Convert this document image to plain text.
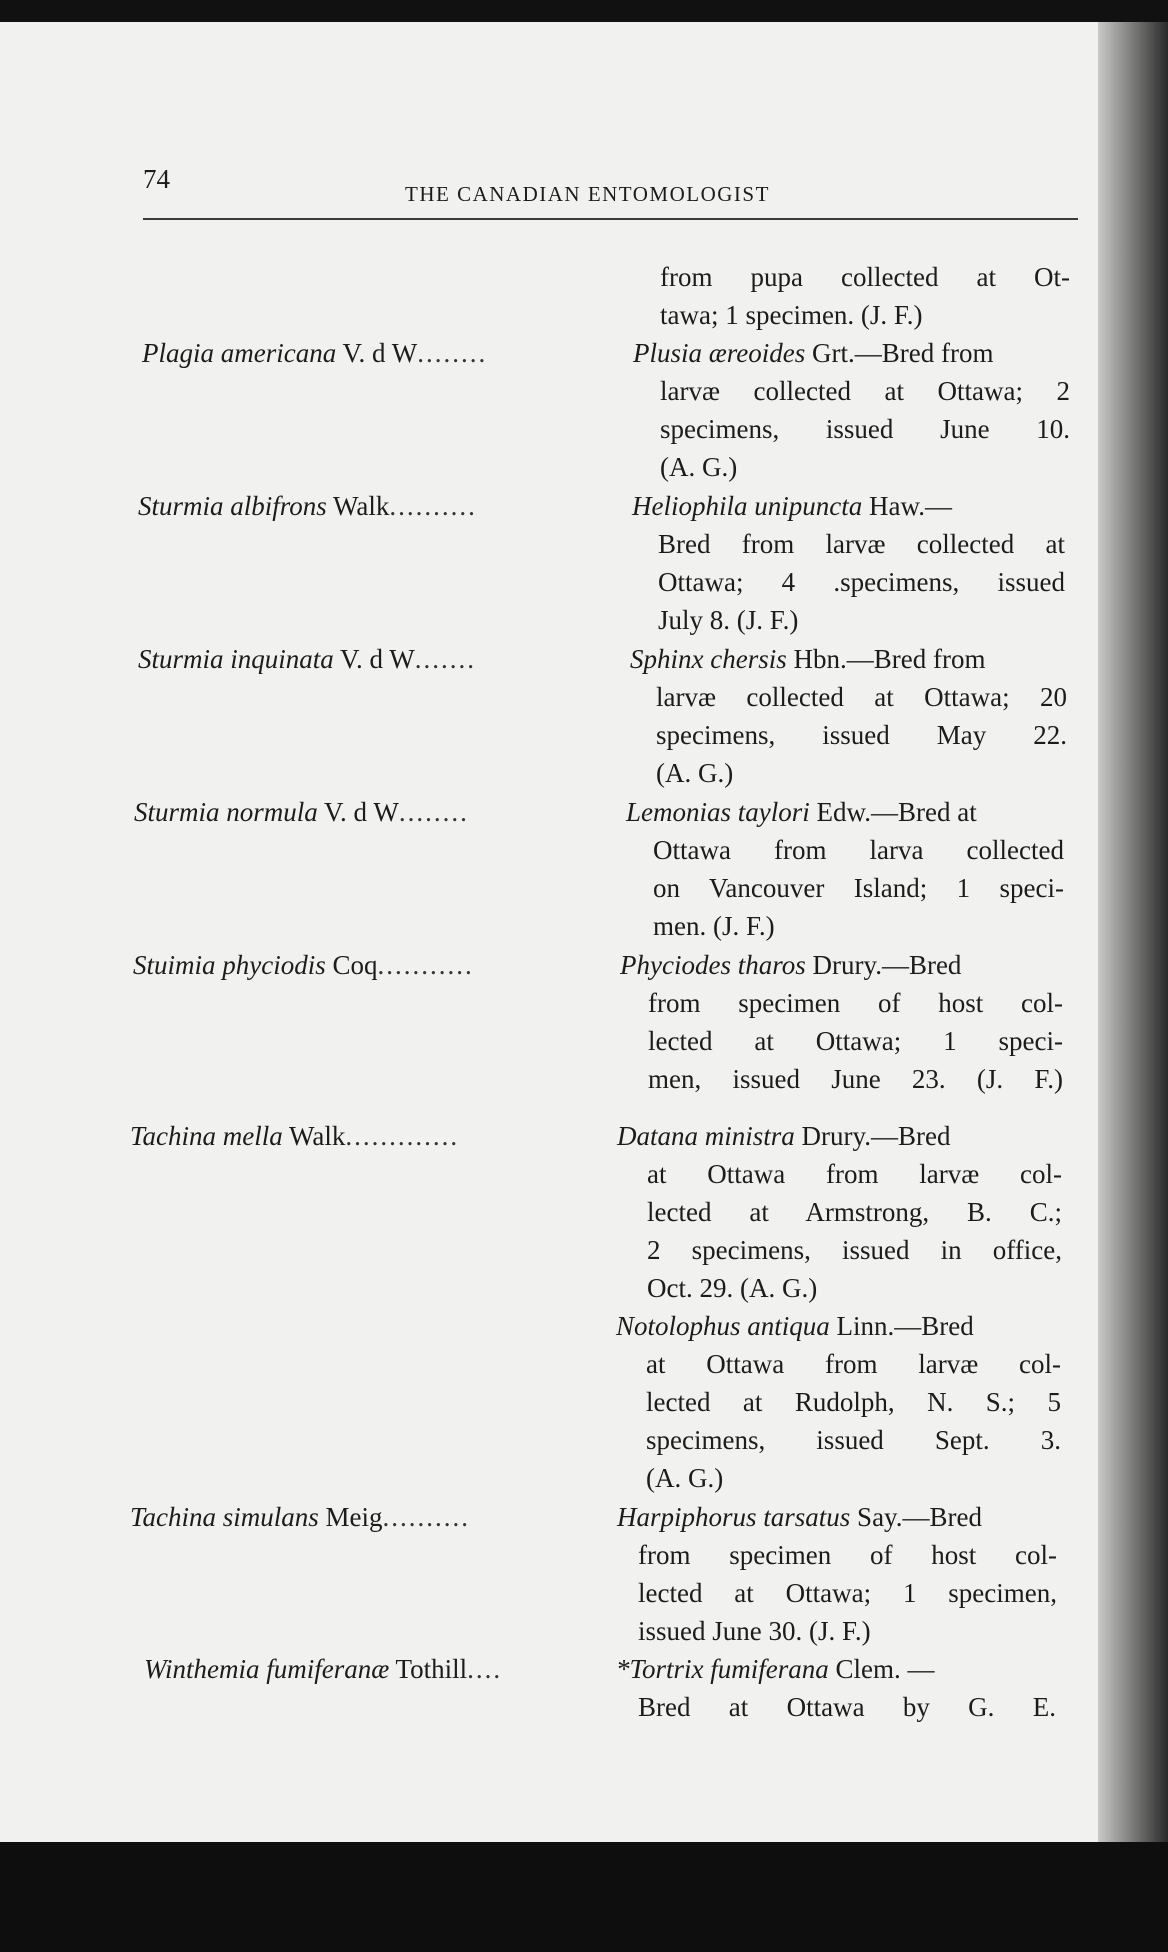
74	THE CANADIAN ENTOMOLOGIST
from pupa collected at Ot-
tawa; 1 specimen. (J. F.)
Plagia americana V. d W........	Plusia æreoides Grt.—Bred from
larvæ collected at Ottawa; 2
specimens, issued June 10.
(A. G.)
Sturmia albifrons Walk..........	Heliophila unipuncta Haw.—
Bred from larvæ collected at
Ottawa; 4 .specimens, issued
July 8. (J. F.)
Sturmia inquinata V. d W.......	Sphinx chersis Hbn.—Bred from
larvæ collected at Ottawa; 20
specimens, issued May 22.
(A. G.)
Sturmia normula V. d W........	Lemonias taylori Edw.—Bred at
Ottawa from larva collected
on Vancouver Island; 1 speci-
men. (J. F.)
Stuimia phyciodis Coq...........	Phyciodes tharos Drury.—Bred
from specimen of host col-
lected at Ottawa; 1 speci-
men, issued June 23. (J. F.)
Tachina mella Walk.............	Datana ministra Drury.—Bred
at Ottawa from larvæ col-
lected at Armstrong, B. C.;
2 specimens, issued in office,
Oct. 29. (A. G.)
Notolophus antiqua Linn.—Bred
at Ottawa from larvæ col-
lected at Rudolph, N. S.; 5
specimens, issued Sept. 3.
(A. G.)
Tachina simulans Meig..........	Harpiphorus tarsatus Say.—Bred
from specimen of host col-
lected at Ottawa; 1 specimen,
issued June 30. (J. F.)
Winthemia fumiferanæ Tothill....	*Tortrix fumiferana Clem. —
Bred at Ottawa by G. E.
